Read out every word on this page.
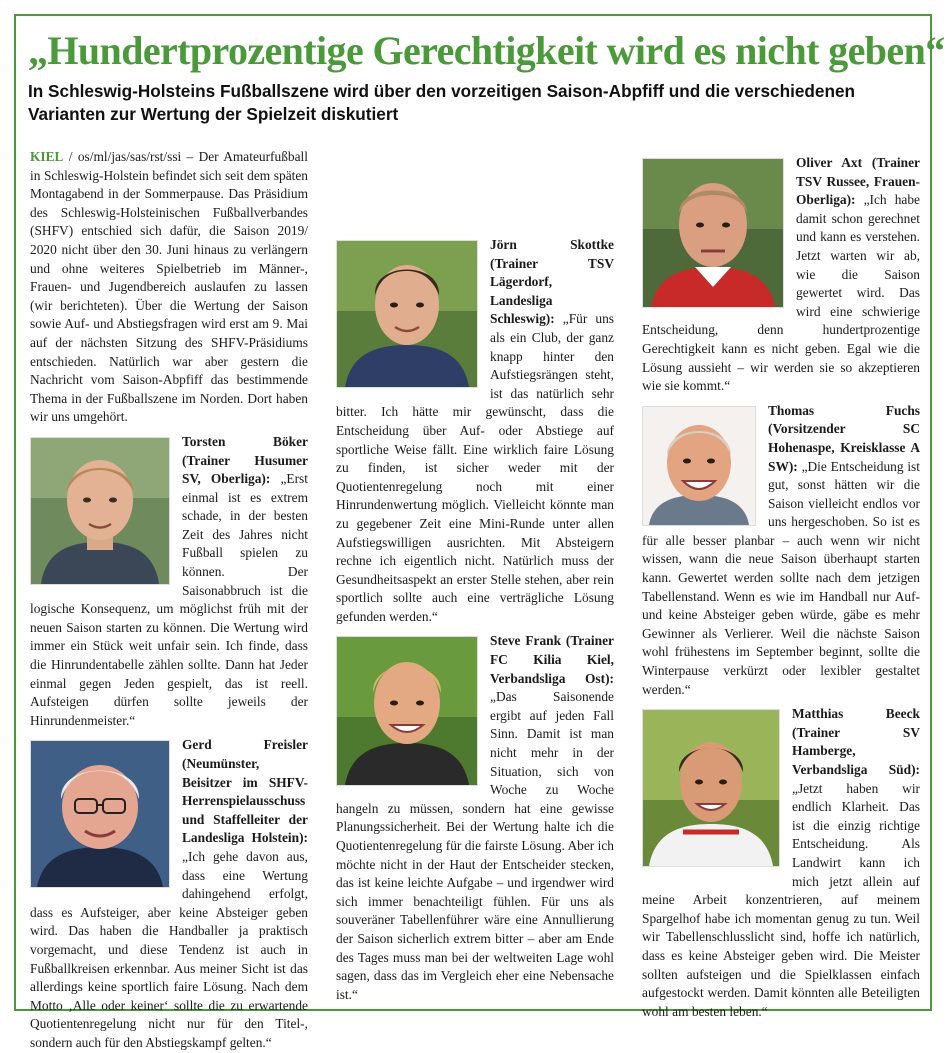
„Hundertprozentige Gerechtigkeit wird es nicht geben“
In Schleswig-Holsteins Fußballszene wird über den vorzeitigen Saison-Abpfiff und die verschiedenen Varianten zur Wertung der Spielzeit diskutiert

KIEL / os/ml/jas/sas/rst/ssi – Der Amateurfußball in Schleswig-Holstein befindet sich seit dem späten Montagabend in der Sommerpause. Das Präsidium des Schleswig-Holsteinischen Fußballverbandes (SHFV) entschied sich dafür, die Saison 2019/ 2020 nicht über den 30. Juni hinaus zu verlängern und ohne weiteres Spielbetrieb im Männer-, Frauen- und Jugendbereich auslaufen zu lassen (wir berichteten). Über die Wertung der Saison sowie Auf- und Abstiegsfragen wird erst am 9. Mai auf der nächsten Sitzung des SHFV-Präsidiums entschieden. Natürlich war aber gestern die Nachricht vom Saison-Abpfiff das bestimmende Thema in der Fußballszene im Norden. Dort haben wir uns umgehört.

Torsten Böker (Trainer Husumer SV, Oberliga): „Erst einmal ist es extrem schade, in der besten Zeit des Jahres nicht Fußball spielen zu können. Der Saisonabbruch ist die logische Konsequenz, um möglichst früh mit der neuen Saison starten zu können. Die Wertung wird immer ein Stück weit unfair sein. Ich finde, dass die Hinrundentabelle zählen sollte. Dann hat Jeder einmal gegen Jeden gespielt, das ist reell. Aufsteigen dürfen sollte jeweils der Hinrundenmeister.“

Gerd Freisler (Neumünster, Beisitzer im SHFV-Herrenspielausschuss und Staffelleiter der Landesliga Holstein): „Ich gehe davon aus, dass eine Wertung dahingehend erfolgt, dass es Aufsteiger, aber keine Absteiger geben wird. Das haben die Handballer ja praktisch vorgemacht, und diese Tendenz ist auch in Fußballkreisen erkennbar. Aus meiner Sicht ist das allerdings keine sportlich faire Lösung. Nach dem Motto ‚Alle oder keiner‘ sollte die zu erwartende Quotientenregelung nicht nur für den Titel-, sondern auch für den Abstiegskampf gelten.“

Jörn Skottke (Trainer TSV Lägerdorf, Landesliga Schleswig): „Für uns als ein Club, der ganz knapp hinter den Aufstiegsrängen steht, ist das natürlich sehr bitter. Ich hätte mir gewünscht, dass die Entscheidung über Auf- oder Abstiege auf sportliche Weise fällt. Eine wirklich faire Lösung zu finden, ist sicher weder mit der Quotientenregelung noch mit einer Hinrundenwertung möglich. Vielleicht könnte man zu gegebener Zeit eine Mini-Runde unter allen Aufstiegswilligen ausrichten. Mit Absteigern rechne ich eigentlich nicht. Natürlich muss der Gesundheitsaspekt an erster Stelle stehen, aber rein sportlich sollte auch eine verträgliche Lösung gefunden werden.“

Steve Frank (Trainer FC Kilia Kiel, Verbandsliga Ost): „Das Saisonende ergibt auf jeden Fall Sinn. Damit ist man nicht mehr in der Situation, sich von Woche zu Woche hangeln zu müssen, sondern hat eine gewisse Planungssicherheit. Bei der Wertung halte ich die Quotientenregelung für die fairste Lösung. Aber ich möchte nicht in der Haut der Entscheider stecken, das ist keine leichte Aufgabe – und irgendwer wird sich immer benachteiligt fühlen. Für uns als souveräner Tabellenführer wäre eine Annullierung der Saison sicherlich extrem bitter – aber am Ende des Tages muss man bei der weltweiten Lage wohl sagen, dass das im Vergleich eher eine Nebensache ist.“

Oliver Axt (Trainer TSV Russee, Frauen-Oberliga): „Ich habe damit schon gerechnet und kann es verstehen. Jetzt warten wir ab, wie die Saison gewertet wird. Das wird eine schwierige Entscheidung, denn hundertprozentige Gerechtigkeit kann es nicht geben. Egal wie die Lösung aussieht – wir werden sie so akzeptieren wie sie kommt.“

Thomas Fuchs (Vorsitzender SC Hohenaspe, Kreisklasse A SW): „Die Entscheidung ist gut, sonst hätten wir die Saison vielleicht endlos vor uns hergeschoben. So ist es für alle besser planbar – auch wenn wir nicht wissen, wann die neue Saison überhaupt starten kann. Gewertet werden sollte nach dem jetzigen Tabellenstand. Wenn es wie im Handball nur Auf- und keine Absteiger geben würde, gäbe es mehr Gewinner als Verlierer. Weil die nächste Saison wohl frühestens im September beginnt, sollte die Winterpause verkürzt oder lexibler gestaltet werden.“

Matthias Beeck (Trainer SV Hamberge, Verbandsliga Süd): „Jetzt haben wir endlich Klarheit. Das ist die einzig richtige Entscheidung. Als Landwirt kann ich mich jetzt allein auf meine Arbeit konzentrieren, auf meinem Spargelhof habe ich momentan genug zu tun. Weil wir Tabellenschlusslicht sind, hoffe ich natürlich, dass es keine Absteiger geben wird. Die Meister sollten aufsteigen und die Spielklassen einfach aufgestockt werden. Damit könnten alle Beteiligten wohl am besten leben.“
